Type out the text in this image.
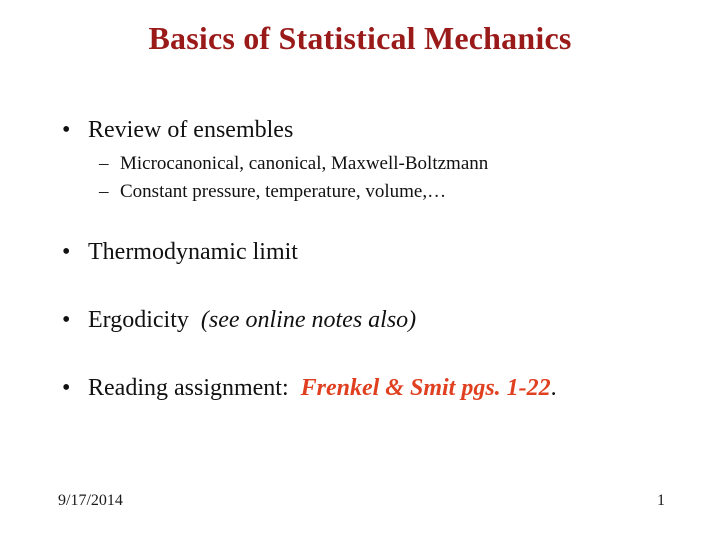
Basics of Statistical Mechanics
• Review of ensembles
– Microcanonical, canonical, Maxwell-Boltzmann
– Constant pressure, temperature, volume,…
• Thermodynamic limit
• Ergodicity  (see online notes also)
• Reading assignment:  Frenkel & Smit pgs. 1-22.
9/17/2014	1
